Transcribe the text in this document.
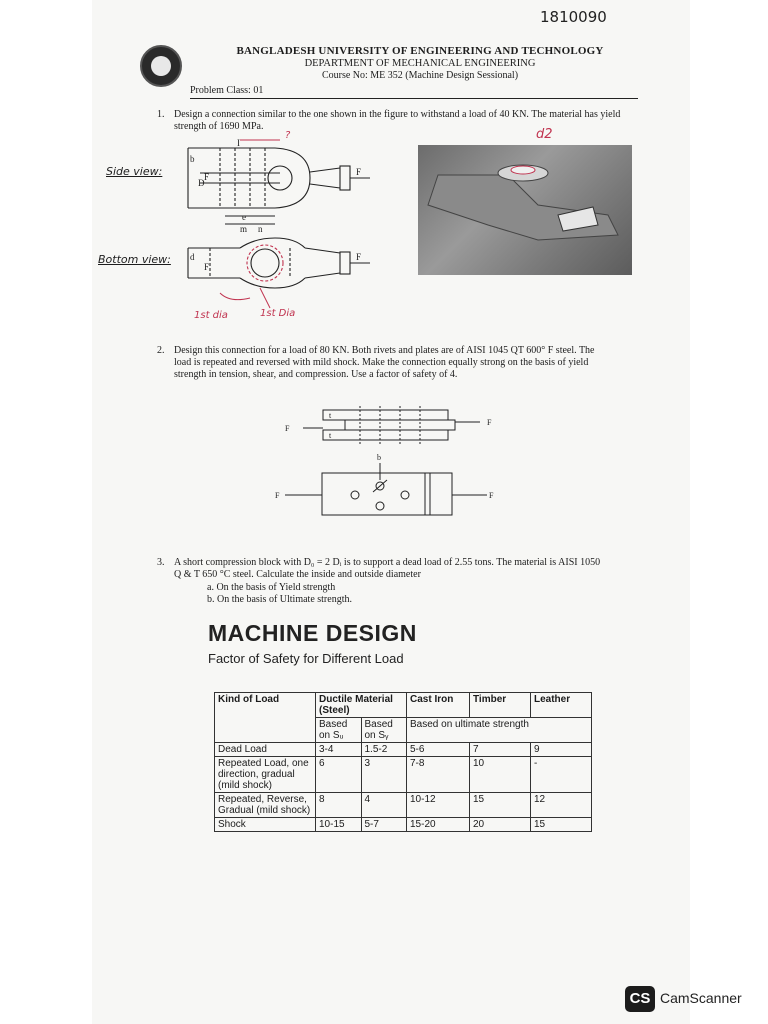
1810090
BANGLADESH UNIVERSITY OF ENGINEERING AND TECHNOLOGY
DEPARTMENT OF MECHANICAL ENGINEERING
Course No: ME 352 (Machine Design Sessional)
Problem Class: 01
1. Design a connection similar to the one shown in the figure to withstand a load of 40 KN. The material has yield
strength of 1690 MPa.
Side view:
Bottom view:
b
D
F	F
e
m n
I
d
F
F
?
1st dia	1st Dia
d2
2. Design this connection for a load of 80 KN. Both rivets and plates are of AISI 1045 QT 600° F steel. The
load is repeated and reversed with mild shock. Make the connection equally strong on the basis of yield
strength in tension, shear, and compression. Use a factor of safety of 4.
F
F
t
t
b
F	F
3. A short compression block with D₀ = 2 Dᵢ is to support a dead load of 2.55 tons. The material is AISI 1050
Q & T 650 °C steel. Calculate the inside and outside diameter
a. On the basis of Yield strength
b. On the basis of Ultimate strength.
MACHINE DESIGN
Factor of Safety for Different Load
Kind of Load	Ductile Material (Steel)		Cast Iron	Timber	Leather
	Based on Sᵤ	Based on Sᵧ	Based on ultimate strength		
Dead Load	3-4	1.5-2	5-6	7	9
Repeated Load, one direction, gradual (mild shock)	6	3	7-8	10	-
Repeated, Reverse, Gradual (mild shock)	8	4	10-12	15	12
Shock	10-15	5-7	15-20	20	15
CS CamScanner
